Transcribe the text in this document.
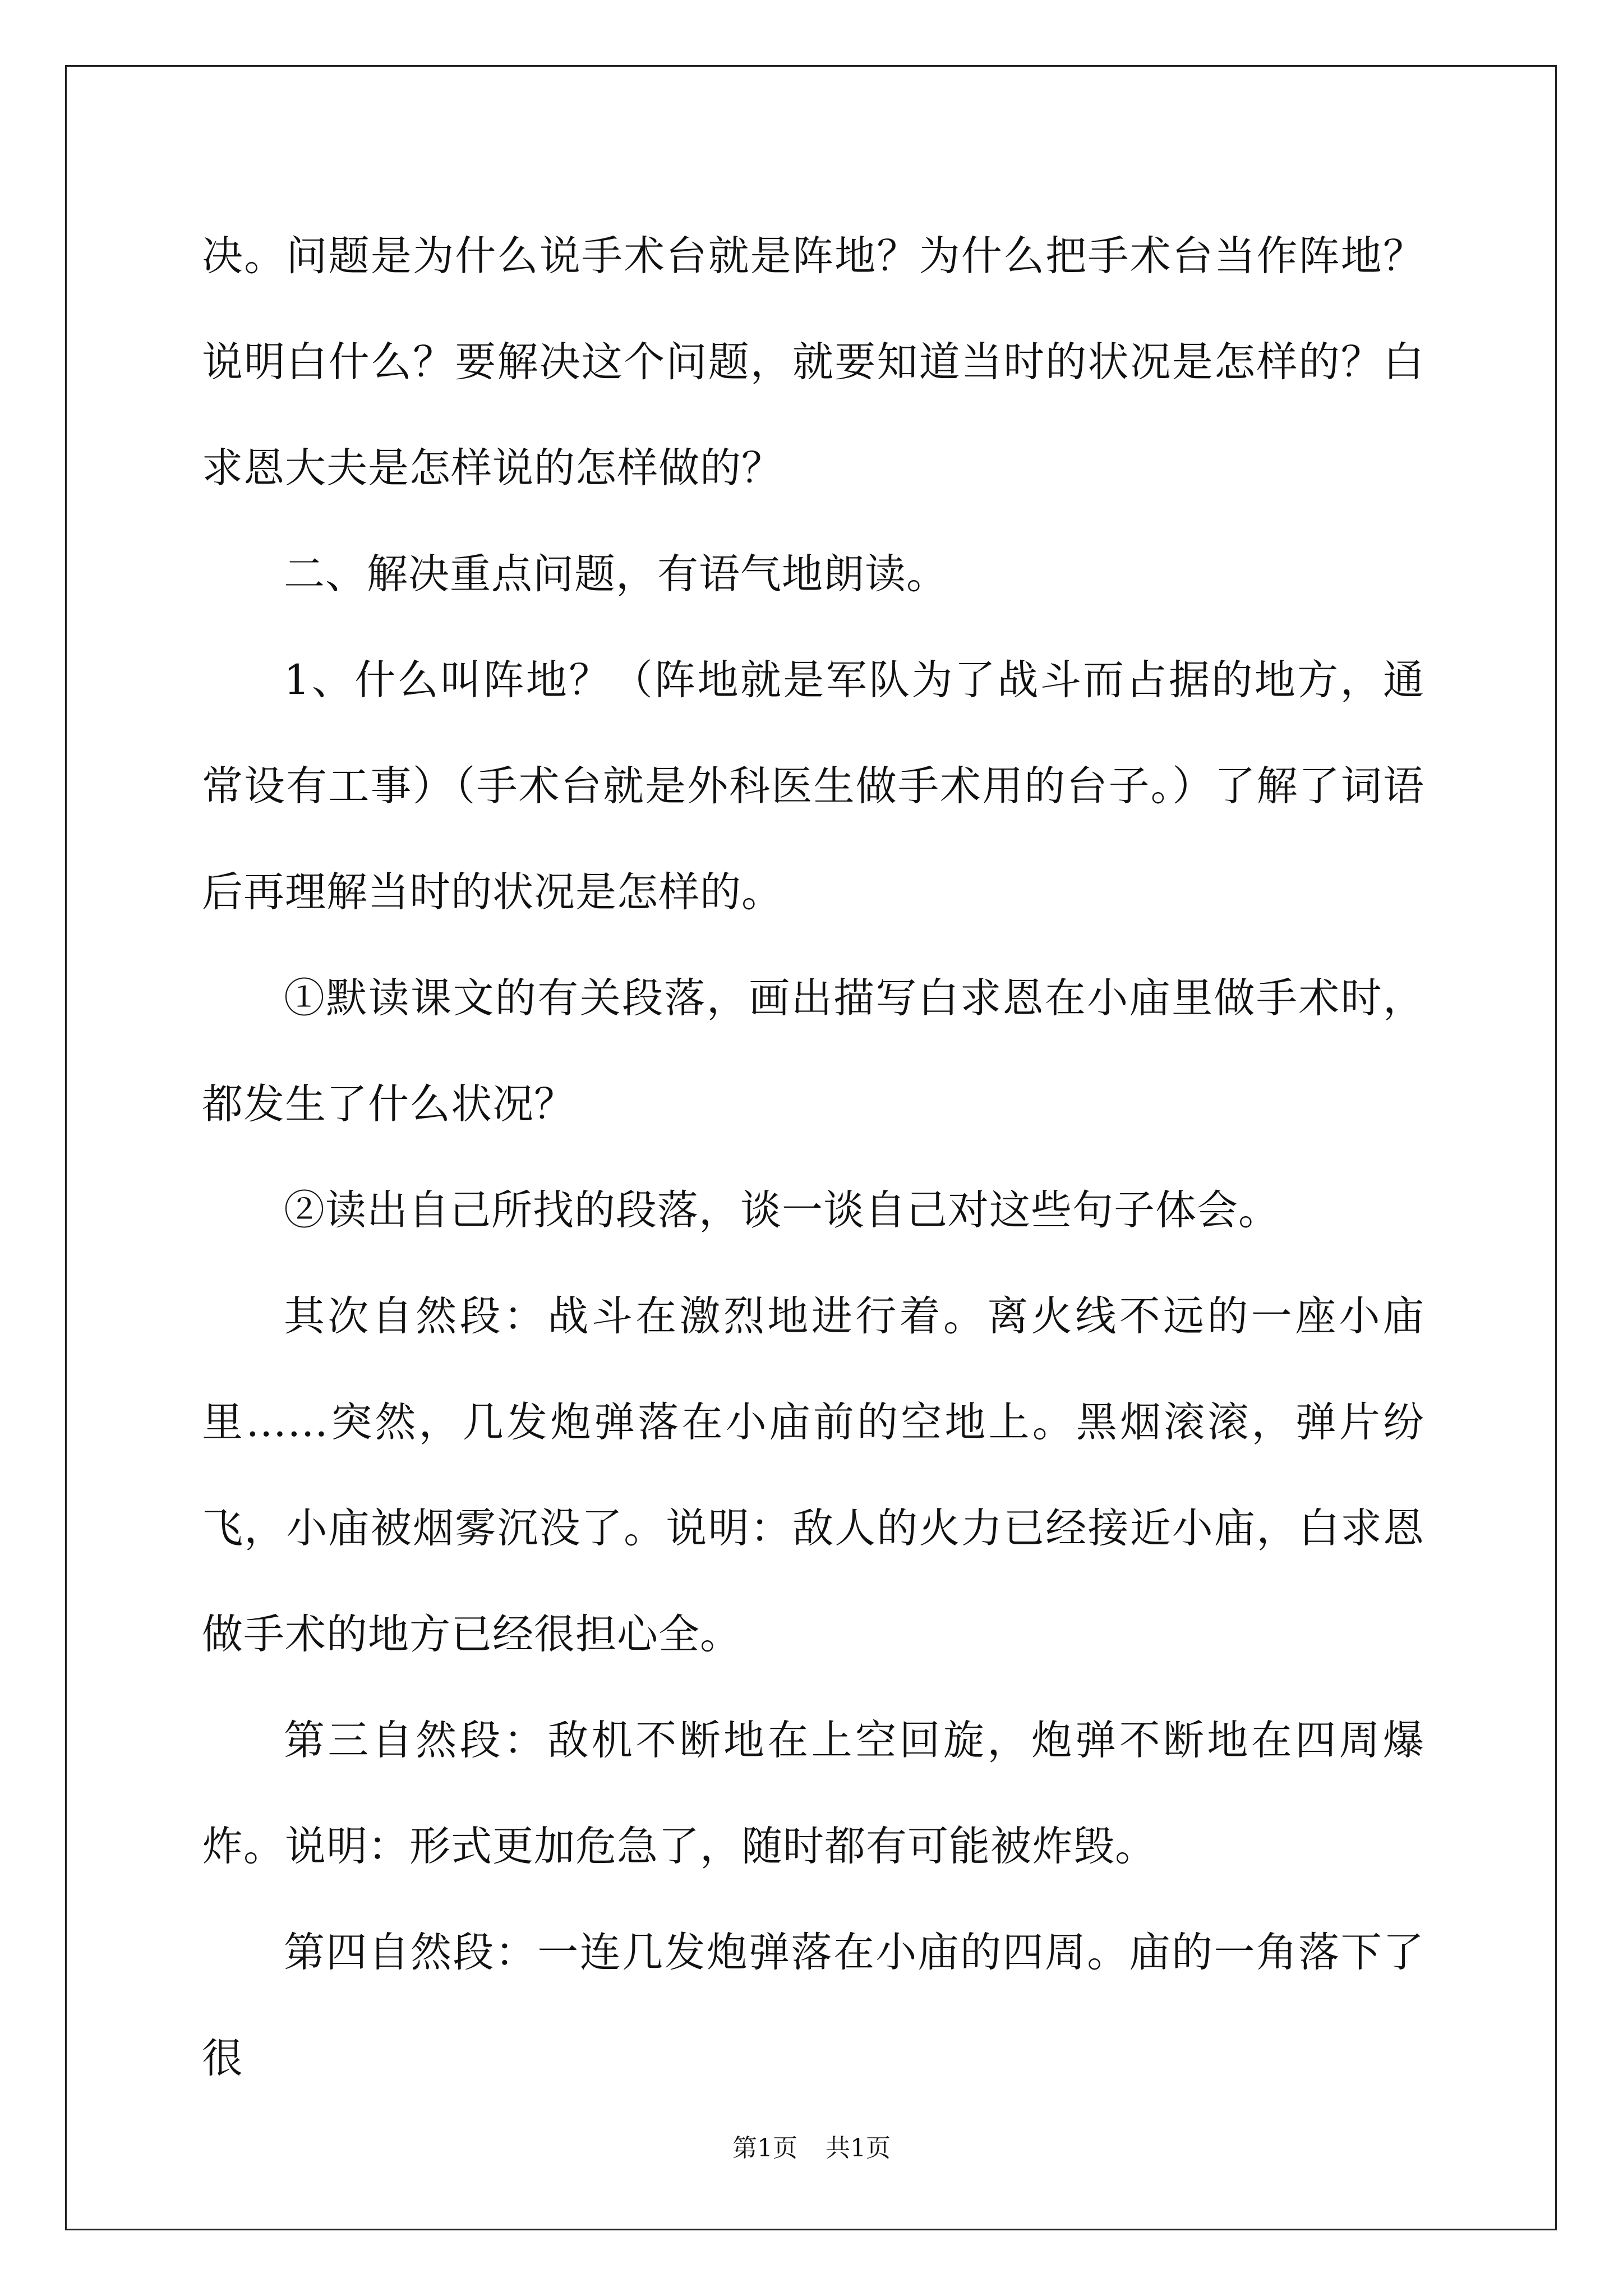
决。问题是为什么说手术台就是阵地？为什么把手术台当作阵地？说明白什么？要解决这个问题，就要知道当时的状况是怎样的？白求恩大夫是怎样说的怎样做的？

二、解决重点问题，有语气地朗读。

1、什么叫阵地？（阵地就是军队为了战斗而占据的地方，通常设有工事）（手术台就是外科医生做手术用的台子。）了解了词语后再理解当时的状况是怎样的。

①默读课文的有关段落，画出描写白求恩在小庙里做手术时，都发生了什么状况？

②读出自己所找的段落，谈一谈自己对这些句子体会。

其次自然段：战斗在激烈地进行着。离火线不远的一座小庙里……突然，几发炮弹落在小庙前的空地上。黑烟滚滚，弹片纷飞，小庙被烟雾沉没了。说明：敌人的火力已经接近小庙，白求恩做手术的地方已经很担心全。

第三自然段：敌机不断地在上空回旋，炮弹不断地在四周爆炸。说明：形式更加危急了，随时都有可能被炸毁。

第四自然段：一连几发炮弹落在小庙的四周。庙的一角落下了很

第1页 共1页
